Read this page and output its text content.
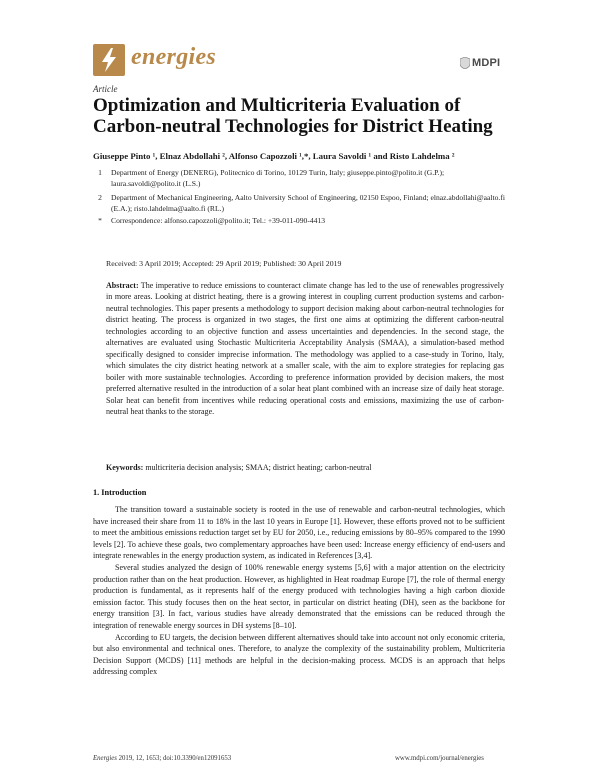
energies	MDPI
Article
Optimization and Multicriteria Evaluation of Carbon-neutral Technologies for District Heating
Giuseppe Pinto ¹, Elnaz Abdollahi ², Alfonso Capozzoli ¹,*, Laura Savoldi ¹ and Risto Lahdelma ²
1	Department of Energy (DENERG), Politecnico di Torino, 10129 Turin, Italy; giuseppe.pinto@polito.it (G.P.); laura.savoldi@polito.it (L.S.)
2	Department of Mechanical Engineering, Aalto University School of Engineering, 02150 Espoo, Finland; elnaz.abdollahi@aalto.fi (E.A.); risto.lahdelma@aalto.fi (RL.)
*	Correspondence: alfonso.capozzoli@polito.it; Tel.: +39-011-090-4413
Received: 3 April 2019; Accepted: 29 April 2019; Published: 30 April 2019
Abstract: The imperative to reduce emissions to counteract climate change has led to the use of renewables progressively in more areas. Looking at district heating, there is a growing interest in coupling current production systems and carbon-neutral technologies. This paper presents a methodology to support decision making about carbon-neutral technologies for district heating. The process is organized in two stages, the first one aims at optimizing the different carbon-neutral technologies according to an objective function and assess uncertainties and dependencies. In the second stage, the alternatives are evaluated using Stochastic Multicriteria Acceptability Analysis (SMAA), a simulation-based method specifically designed to consider imprecise information. The methodology was applied to a case-study in Torino, Italy, which simulates the city district heating network at a smaller scale, with the aim to explore strategies for replacing gas boiler with more sustainable technologies. According to preference information provided by decision makers, the most preferred alternative resulted in the introduction of a solar heat plant combined with an increase size of daily heat storage. Solar heat can benefit from incentives while reducing operational costs and emissions, maximizing the use of carbon-neutral heat thanks to the storage.
Keywords: multicriteria decision analysis; SMAA; district heating; carbon-neutral
1. Introduction

The transition toward a sustainable society is rooted in the use of renewable and carbon-neutral technologies, which have increased their share from 11 to 18% in the last 10 years in Europe [1]. However, these efforts proved not to be sufficient to meet the ambitious emissions reduction target set by EU for 2050, i.e., reducing emissions by 80–95% compared to the 1990 levels [2]. To achieve these goals, two complementary approaches have been used: Increase energy efficiency of end-users and integrate renewables in the energy production system, as indicated in References [3,4].

Several studies analyzed the design of 100% renewable energy systems [5,6] with a major attention on the electricity production rather than on the heat production. However, as highlighted in Heat roadmap Europe [7], the role of thermal energy production is fundamental, as it represents half of the energy produced with technologies having a high carbon dioxide emission factor. This study focuses then on the heat sector, in particular on district heating (DH), seen as the backbone for energy transition [3]. In fact, various studies have already demonstrated that the emissions can be reduced through the integration of renewable energy sources in DH systems [8–10].

According to EU targets, the decision between different alternatives should take into account not only economic criteria, but also environmental and technical ones. Therefore, to analyze the complexity of the sustainability problem, Multicriteria Decision Support (MCDS) [11] methods are helpful in the decision-making process. MCDS is an approach that helps addressing complex

Energies 2019, 12, 1653; doi:10.3390/en12091653	www.mdpi.com/journal/energies
